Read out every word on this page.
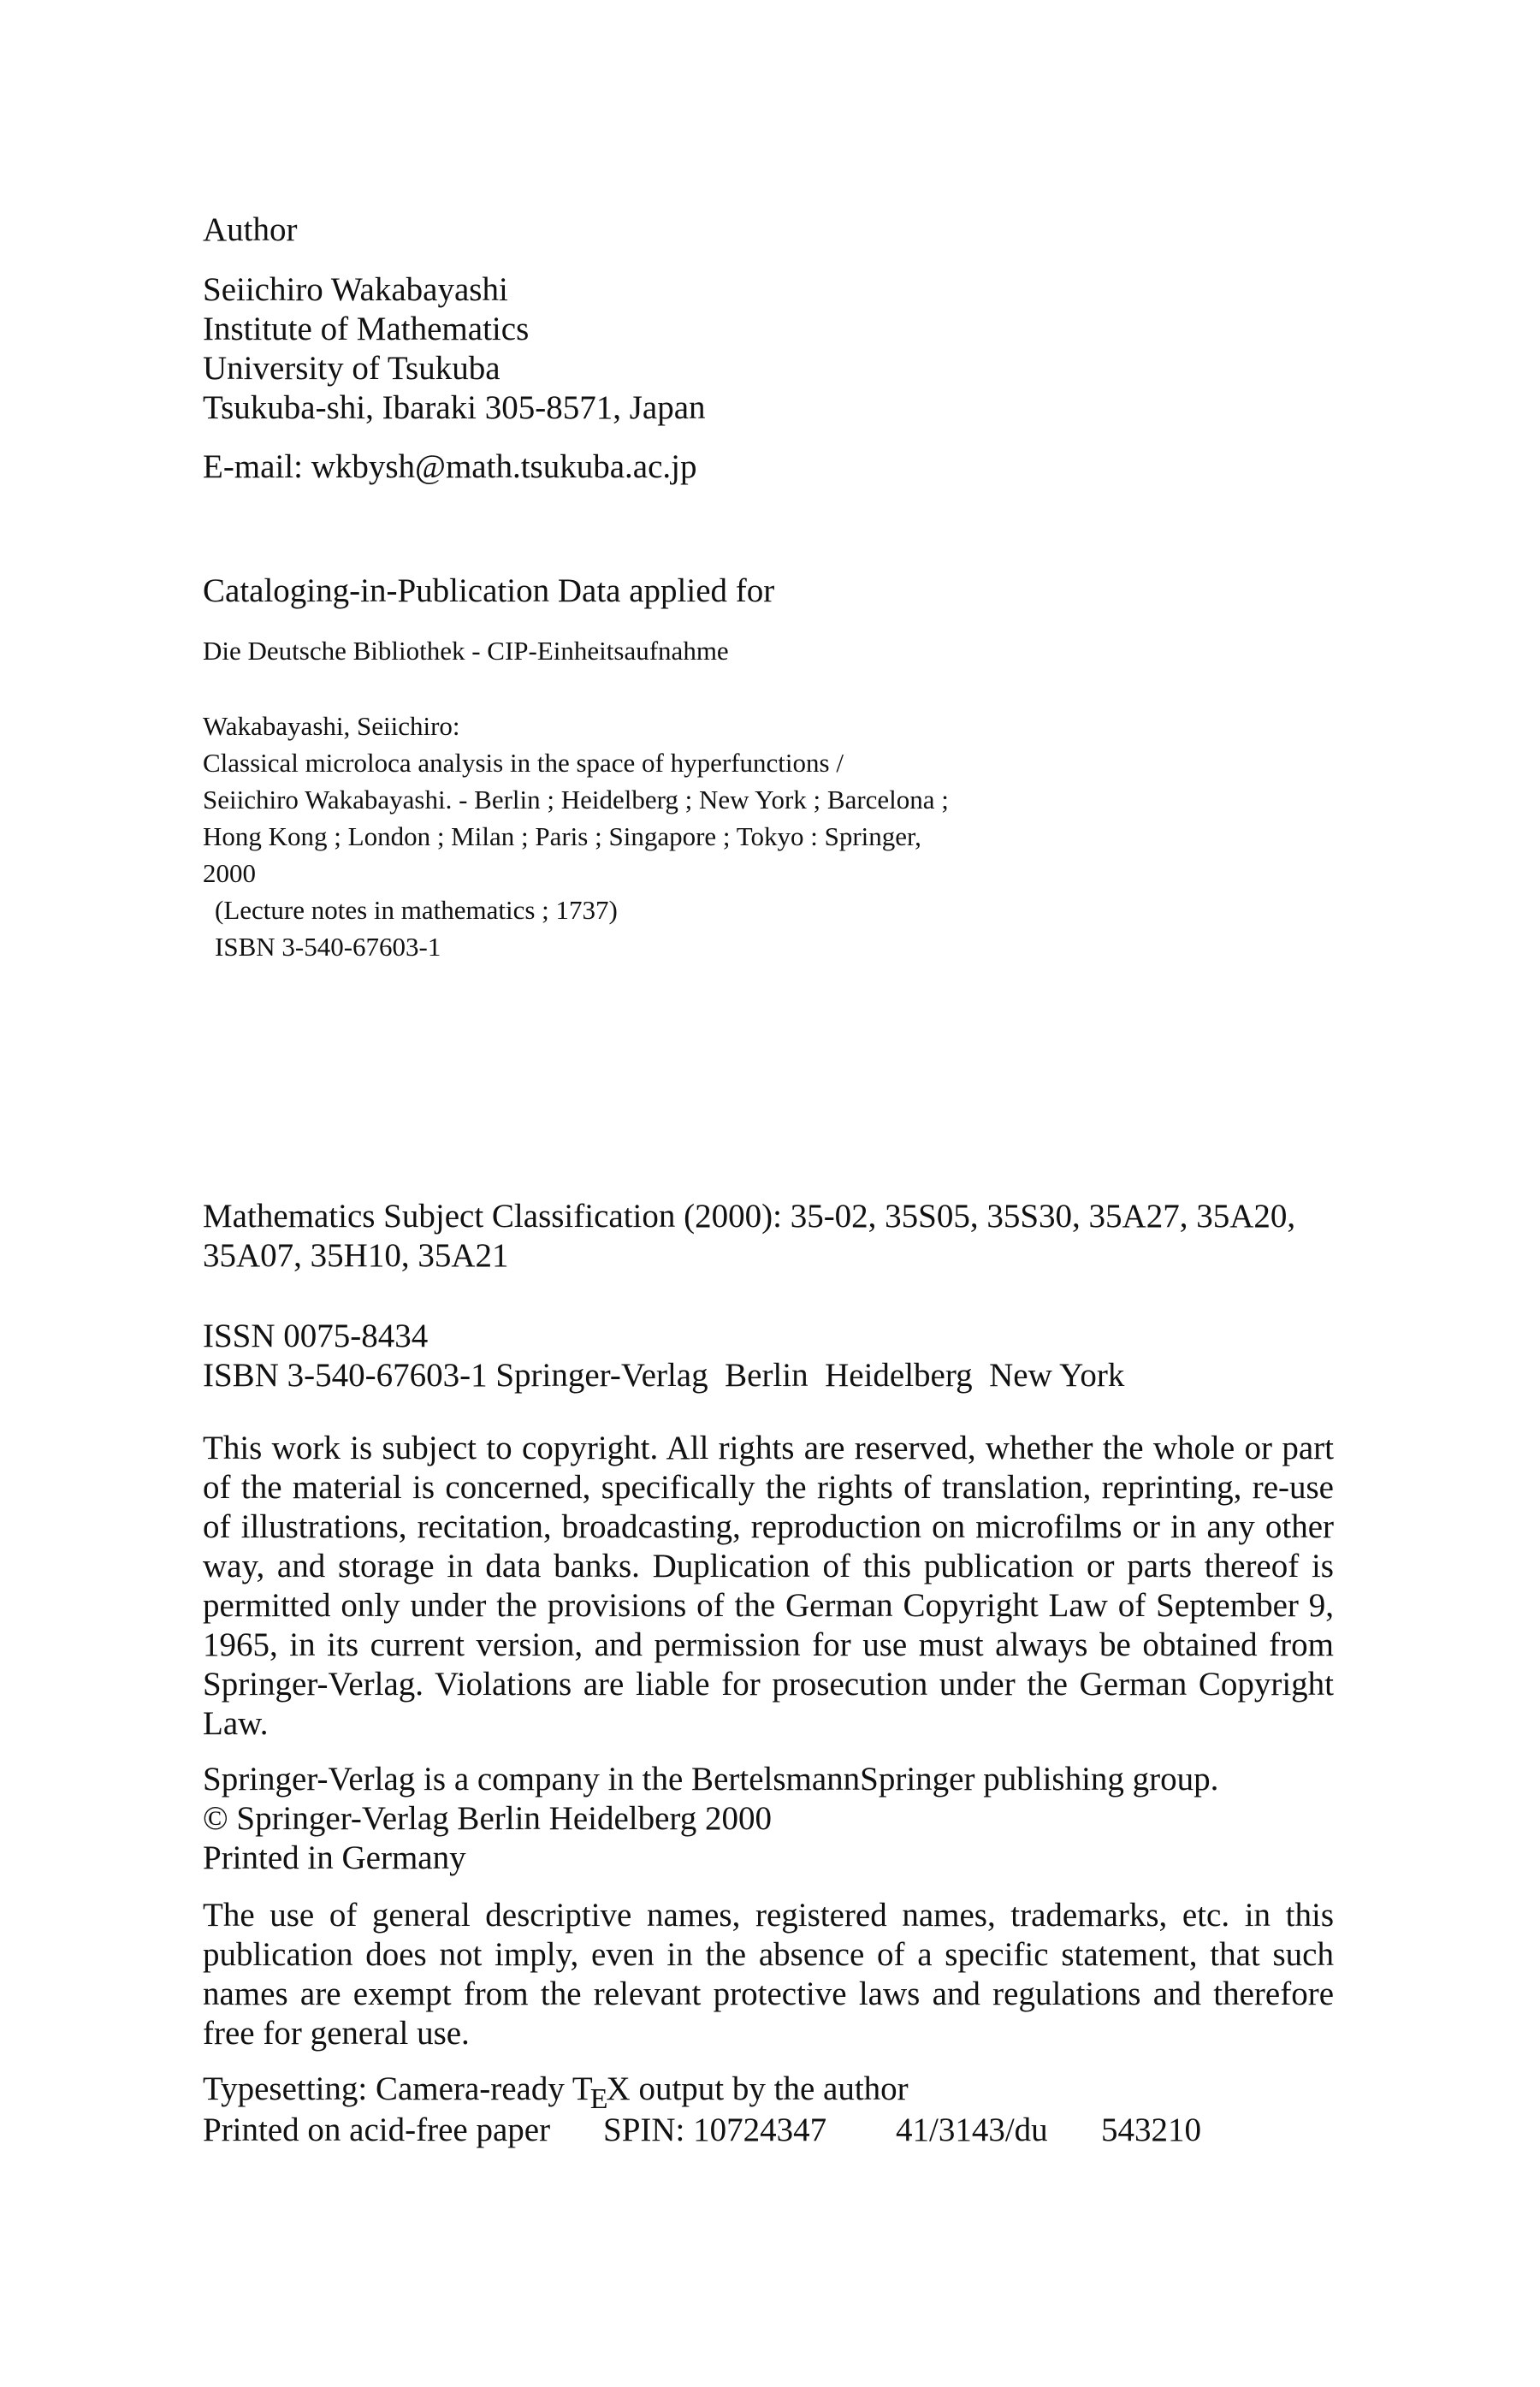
Author
Seiichiro Wakabayashi
Institute of Mathematics
University of Tsukuba
Tsukuba-shi, Ibaraki 305-8571, Japan
E-mail: wkbysh@math.tsukuba.ac.jp
Cataloging-in-Publication Data applied for
Die Deutsche Bibliothek - CIP-Einheitsaufnahme
Wakabayashi, Seiichiro:
Classical microloca analysis in the space of hyperfunctions /
Seiichiro Wakabayashi. - Berlin ; Heidelberg ; New York ; Barcelona ;
Hong Kong ; London ; Milan ; Paris ; Singapore ; Tokyo : Springer,
2000
(Lecture notes in mathematics ; 1737)
ISBN 3-540-67603-1
Mathematics Subject Classification (2000): 35-02, 35S05, 35S30, 35A27, 35A20,
35A07, 35H10, 35A21
ISSN 0075-8434
ISBN 3-540-67603-1 Springer-Verlag  Berlin  Heidelberg  New York
This work is subject to copyright. All rights are reserved, whether the whole or part
of the material is concerned, specifically the rights of translation, reprinting, re-use
of illustrations, recitation, broadcasting, reproduction on microfilms or in any other
way, and storage in data banks. Duplication of this publication or parts thereof is
permitted only under the provisions of the German Copyright Law of September 9,
1965, in its current version, and permission for use must always be obtained from
Springer-Verlag. Violations are liable for prosecution under the German Copyright
Law.
Springer-Verlag is a company in the BertelsmannSpringer publishing group.
© Springer-Verlag Berlin Heidelberg 2000
Printed in Germany
The use of general descriptive names, registered names, trademarks, etc. in this
publication does not imply, even in the absence of a specific statement, that such
names are exempt from the relevant protective laws and regulations and therefore
free for general use.
Typesetting: Camera-ready TEX output by the author
Printed on acid-free paper	SPIN: 10724347	41/3143/du	543210
